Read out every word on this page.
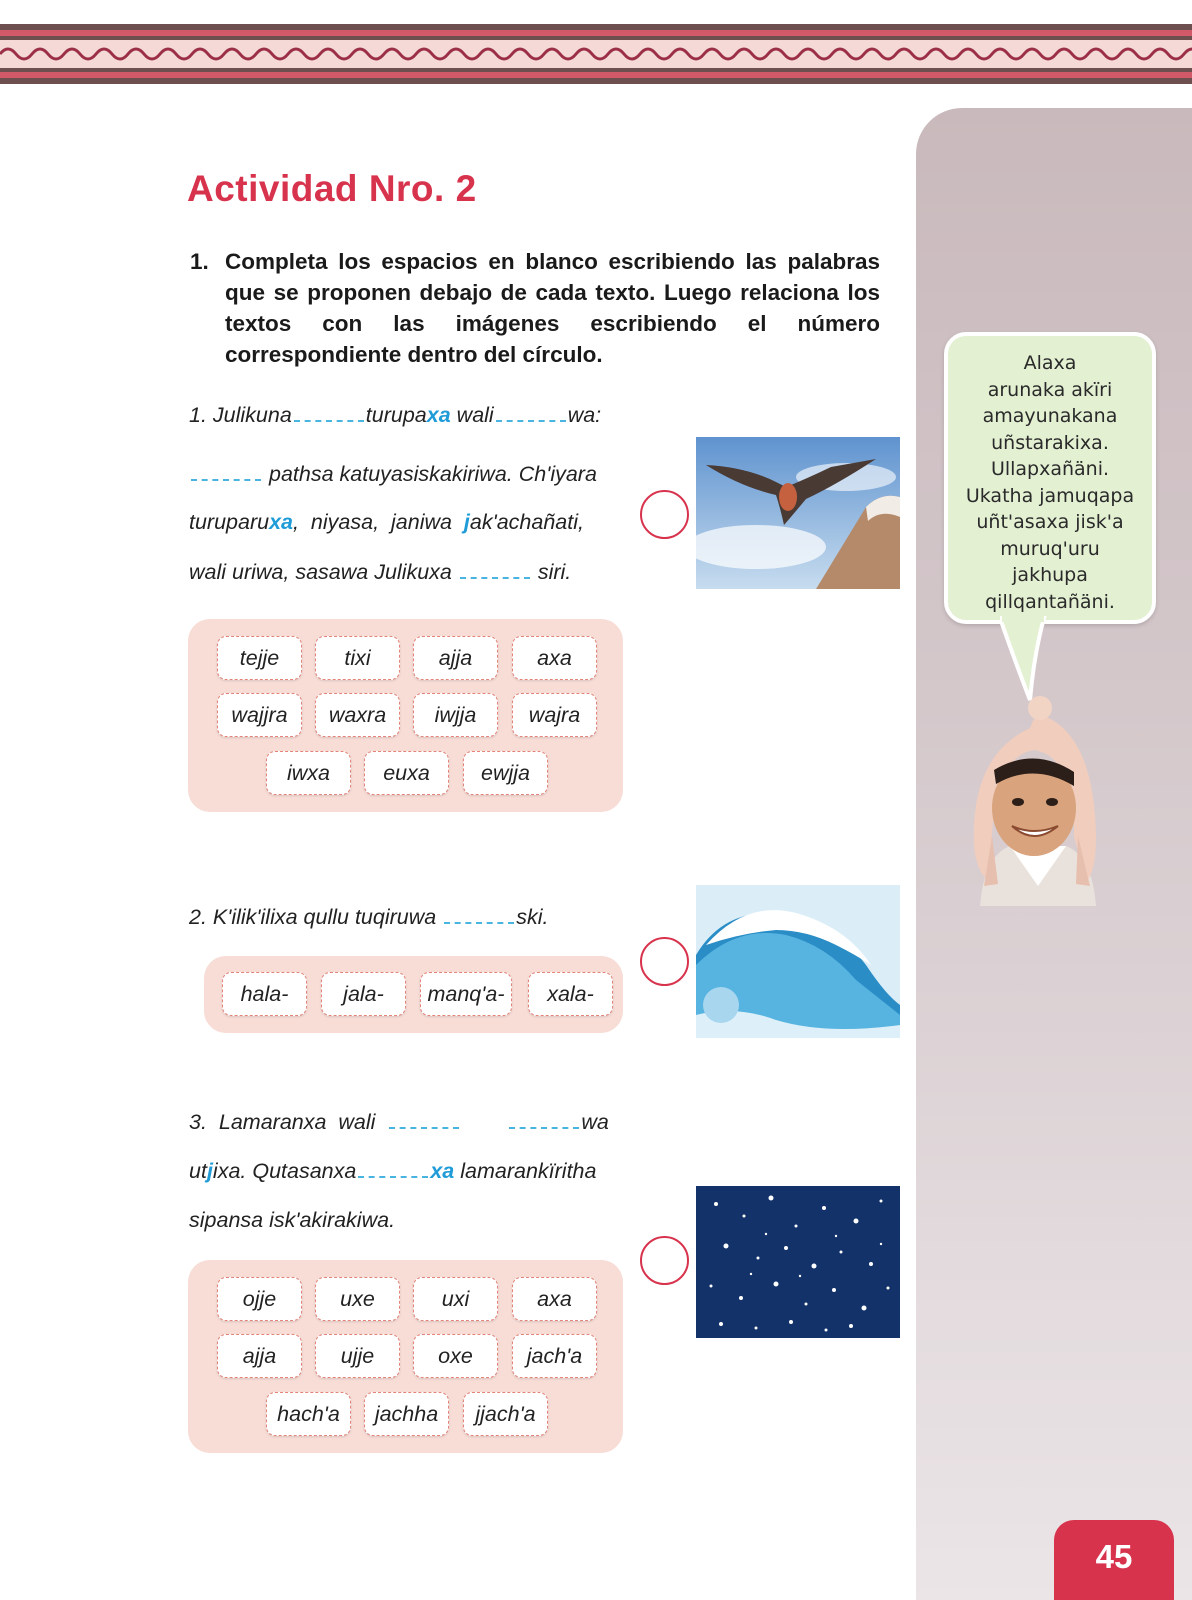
Actividad Nro. 2
1. Completa los espacios en blanco escribiendo las palabras que se proponen debajo de cada texto. Luego relaciona los textos con las imágenes escribiendo el número correspondiente dentro del círculo.
1. Julikuna	turupaxa wali	wa:
pathsa katuyasiskakiriwa. Ch'iyara
turuparuxa,  niyasa,  janiwa  jak'achañati,
wali uriwa, sasawa Julikuxa	siri.
tejje	tixi	ajja	axa
wajjra	waxra	iwjja	wajra
iwxa	euxa	ewjja
2. K'ilik'ilixa qullu tuqiruwa	ski.
hala-	jala-	manq'a-	xala-
3.  Lamaranxa  wali	wa
utjixa. Qutasanxa	xa lamarankïritha
sipansa isk'akirakiwa.
ojje	uxe	uxi	axa
ajja	ujje	oxe	jach'a
hach'a	jachha	jjach'a
Alaxa
arunaka akïri
amayunakana
uñstarakixa.
Ullapxañäni.
Ukatha jamuqapa
uñt'asaxa jisk'a
muruq'uru
jakhupa
qillqantañäni.
45
